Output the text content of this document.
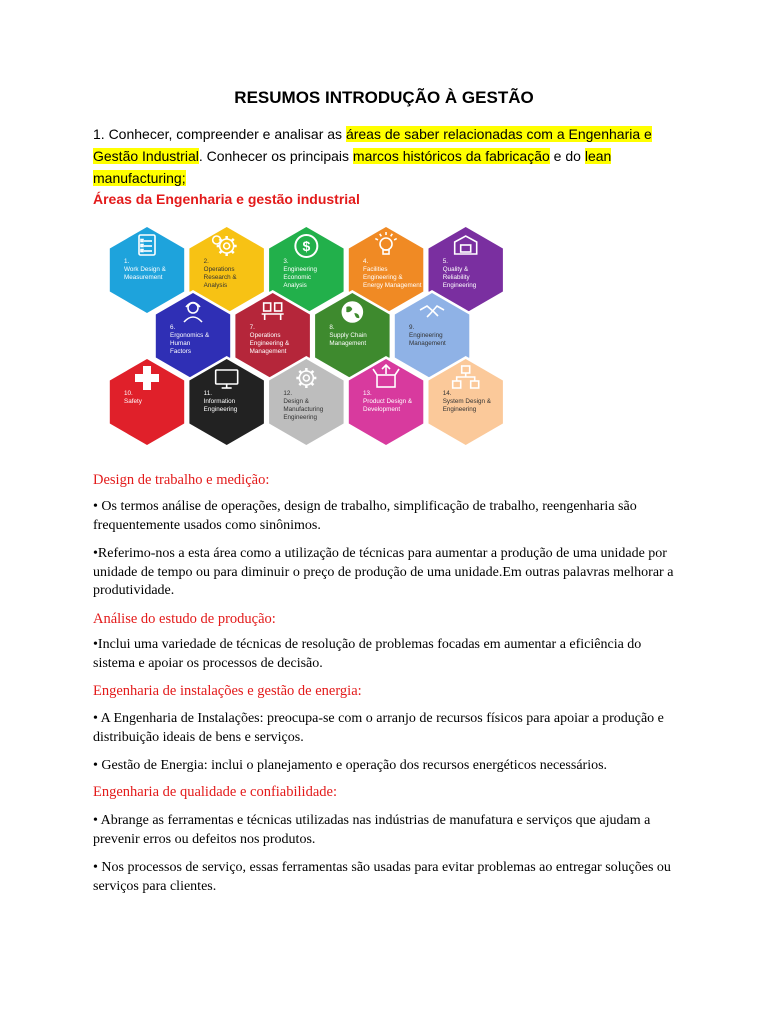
RESUMOS INTRODUÇÃO À GESTÃO
1. Conhecer, compreender e analisar as áreas de saber relacionadas com a Engenharia e Gestão Industrial. Conhecer os principais marcos históricos da fabricação e do lean manufacturing;
Áreas da Engenharia e gestão industrial
1.
Work Design &
Measurement
2.
Operations
Research &
Analysis
$
3.
Engineering
Economic
Analysis
4.
Facilities
Engineering &
Energy Management
5.
Quality &
Reliability
Engineering
6.
Ergonomics &
Human
Factors
7.
Operations
Engineering &
Management
8.
Supply Chain
Management
9.
Engineering
Management
10.
Safety
11.
Information
Engineering
12.
Design &
Manufacturing
Engineering
13.
Product Design &
Development
14.
System Design &
Engineering
Design de trabalho e medição:
• Os termos análise de operações, design de trabalho, simplificação de trabalho, reengenharia são frequentemente usados como sinônimos.
•Referimo-nos a esta área como a utilização de técnicas para aumentar a produção de uma unidade por unidade de tempo ou para diminuir o preço de produção de uma unidade.Em outras palavras melhorar a produtividade.
Análise do estudo de produção:
•Inclui uma variedade de técnicas de resolução de problemas focadas em aumentar a eficiência do sistema e apoiar os processos de decisão.
Engenharia de instalações e gestão de energia:
• A Engenharia de Instalações: preocupa-se com o arranjo de recursos físicos para apoiar a produção e distribuição ideais de bens e serviços.
• Gestão de Energia: inclui o planejamento e operação dos recursos energéticos necessários.
Engenharia de qualidade e confiabilidade:
• Abrange as ferramentas e técnicas utilizadas nas indústrias de manufatura e serviços que ajudam a prevenir erros ou defeitos nos produtos.
• Nos processos de serviço, essas ferramentas são usadas para evitar problemas ao entregar soluções ou serviços para clientes.
